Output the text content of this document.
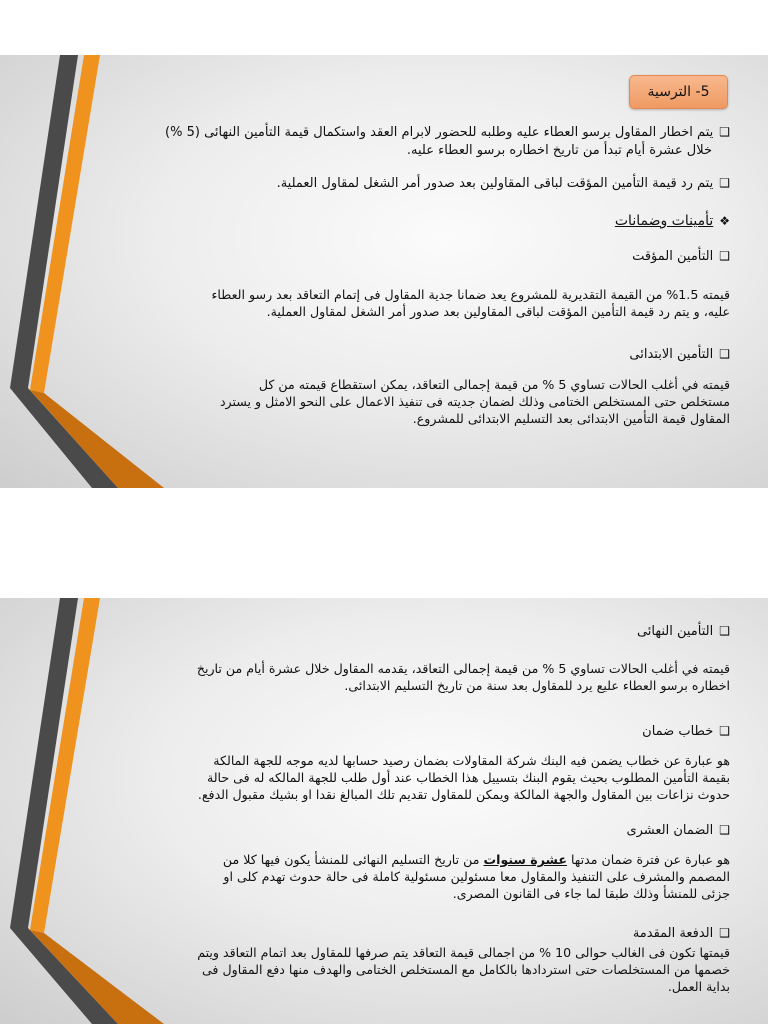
5- الترسية

❑يتم اخطار المقاول برسو العطاء عليه وطلبه للحضور لابرام العقد واستكمال قيمة التأمين النهائى (5 %)

خلال عشرة أيام تبدأ من تاريخ اخطاره برسو العطاء عليه.

❑يتم رد قيمة التأمين المؤقت لباقى المقاولين بعد صدور أمر الشغل لمقاول العملية.

❖تأمينات وضمانات

❑التأمين المؤقت

قيمته 1.5% من القيمة التقديرية للمشروع يعد ضمانا جدية المقاول فى إتمام التعاقد بعد رسو العطاء

عليه، و يتم رد قيمة التأمين المؤقت لباقى المقاولين بعد صدور أمر الشغل لمقاول العملية.

❑التأمين الابتدائى

قيمته في أغلب الحالات تساوي 5 % من قيمة إجمالى التعاقد، يمكن استقطاع قيمته من كل

مستخلص حتى المستخلص الختامى وذلك لضمان جديته فى تنفيذ الاعمال على النحو الامثل و يسترد

المقاول قيمة التأمين الابتدائى بعد التسليم الابتدائى للمشروع.

❑التأمين النهائى

قيمته في أغلب الحالات تساوي 5 % من قيمة إجمالى التعاقد، يقدمه المقاول خلال عشرة أيام من تاريخ

اخطاره برسو العطاء عليع يرد للمقاول بعد سنة من تاريخ التسليم الابتدائى.

❑خطاب ضمان

هو عبارة عن خطاب يضمن فيه البنك شركة المقاولات بضمان رصيد حسابها لديه موجه للجهة المالكة

بقيمة التأمين المطلوب بحيث يقوم البنك بتسييل هذا الخطاب عند أول طلب للجهة المالكه له فى حالة

حدوث نزاعات بين المقاول والجهة المالكة ويمكن للمقاول تقديم تلك المبالغ نقدا او بشيك مقبول الدفع.

❑الضمان العشرى

هو عبارة عن فترة ضمان مدتها عشرة سنوات من تاريخ التسليم النهائى للمنشأ يكون فيها كلا من

المصمم والمشرف على التنفيذ والمقاول معا مسئولين مسئولية كاملة فى حالة حدوث تهدم كلى او

جزئى للمنشأ وذلك طبقا لما جاء فى القانون المصرى.

❑الدفعة المقدمة

قيمتها تكون فى الغالب حوالى 10 % من اجمالى قيمة التعاقد يتم صرفها للمقاول بعد اتمام التعاقد ويتم

خصمها من المستخلصات حتى استردادها بالكامل مع المستخلص الختامى والهدف منها دفع المقاول فى

بداية العمل.
